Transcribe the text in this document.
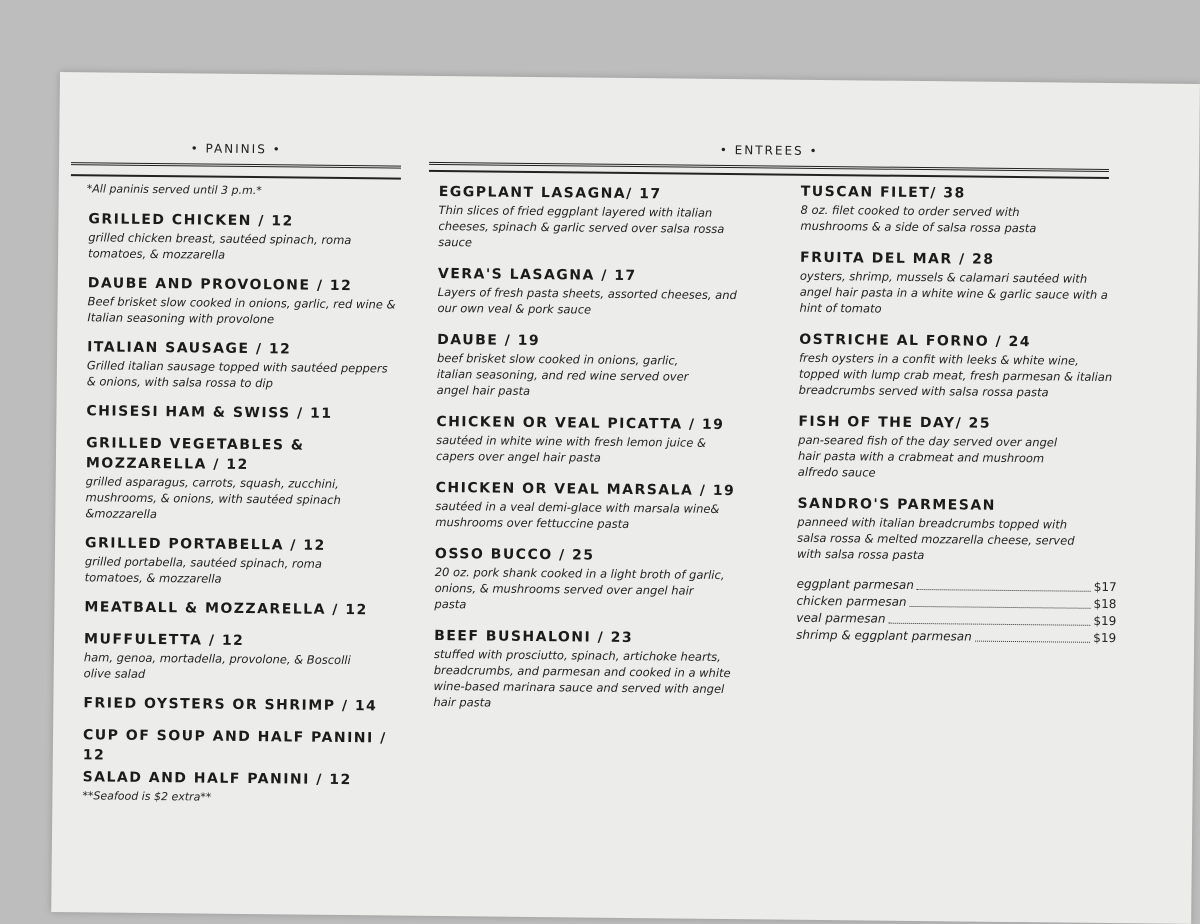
• PANINIS •
*All paninis served until 3 p.m.*
GRILLED CHICKEN / 12
grilled chicken breast, sautéed spinach, roma tomatoes, & mozzarella
DAUBE AND PROVOLONE / 12
Beef brisket slow cooked in onions, garlic, red wine & Italian seasoning with provolone
ITALIAN SAUSAGE / 12
Grilled italian sausage topped with sautéed peppers & onions, with salsa rossa to dip
CHISESI HAM & SWISS / 11
GRILLED VEGETABLES & MOZZARELLA / 12
grilled asparagus, carrots, squash, zucchini, mushrooms, & onions, with sautéed spinach &mozzarella
GRILLED PORTABELLA / 12
grilled portabella, sautéed spinach, roma tomatoes, & mozzarella
MEATBALL & MOZZARELLA / 12
MUFFULETTA / 12
ham, genoa, mortadella, provolone, & Boscolli olive salad
FRIED OYSTERS OR SHRIMP / 14
CUP OF SOUP AND HALF PANINI / 12
SALAD AND HALF PANINI / 12
**Seafood is $2 extra**
• ENTREES •
EGGPLANT LASAGNA/ 17
Thin slices of fried eggplant layered with italian cheeses, spinach & garlic served over salsa rossa sauce
VERA'S LASAGNA / 17
Layers of fresh pasta sheets, assorted cheeses, and our own veal & pork sauce
DAUBE / 19
beef brisket slow cooked in onions, garlic, italian seasoning, and red wine served over angel hair pasta
CHICKEN OR VEAL PICATTA / 19
sautéed in white wine with fresh lemon juice & capers over angel hair pasta
CHICKEN OR VEAL MARSALA / 19
sautéed in a veal demi-glace with marsala wine& mushrooms over fettuccine pasta
OSSO BUCCO / 25
20 oz. pork shank cooked in a light broth of garlic, onions, & mushrooms served over angel hair pasta
BEEF BUSHALONI / 23
stuffed with prosciutto, spinach, artichoke hearts, breadcrumbs, and parmesan and cooked in a white wine-based marinara sauce and served with angel hair pasta
TUSCAN FILET/ 38
8 oz. filet cooked to order served with mushrooms & a side of salsa rossa pasta
FRUITA DEL MAR / 28
oysters, shrimp, mussels & calamari sautéed with angel hair pasta in a white wine & garlic sauce with a hint of tomato
OSTRICHE AL FORNO / 24
fresh oysters in a confit with leeks & white wine, topped with lump crab meat, fresh parmesan & italian breadcrumbs served with salsa rossa pasta
FISH OF THE DAY/ 25
pan-seared fish of the day served over angel hair pasta with a crabmeat and mushroom alfredo sauce
SANDRO'S PARMESAN
panneed with italian breadcrumbs topped with salsa rossa & melted mozzarella cheese, served with salsa rossa pasta
eggplant parmesan	$17
chicken parmesan	$18
veal parmesan	$19
shrimp & eggplant parmesan	$19
